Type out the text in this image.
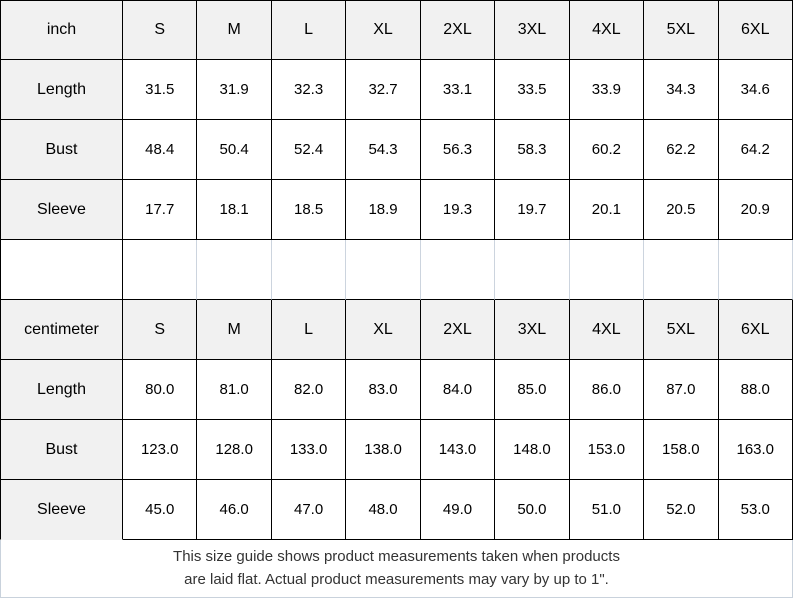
inch	S	M	L	XL	2XL	3XL	4XL	5XL	6XL
Length	31.5	31.9	32.3	32.7	33.1	33.5	33.9	34.3	34.6
Bust	48.4	50.4	52.4	54.3	56.3	58.3	60.2	62.2	64.2
Sleeve	17.7	18.1	18.5	18.9	19.3	19.7	20.1	20.5	20.9
centimeter	S	M	L	XL	2XL	3XL	4XL	5XL	6XL
Length	80.0	81.0	82.0	83.0	84.0	85.0	86.0	87.0	88.0
Bust	123.0	128.0	133.0	138.0	143.0	148.0	153.0	158.0	163.0
Sleeve	45.0	46.0	47.0	48.0	49.0	50.0	51.0	52.0	53.0
This size guide shows product measurements taken when products
are laid flat. Actual product measurements may vary by up to 1".
